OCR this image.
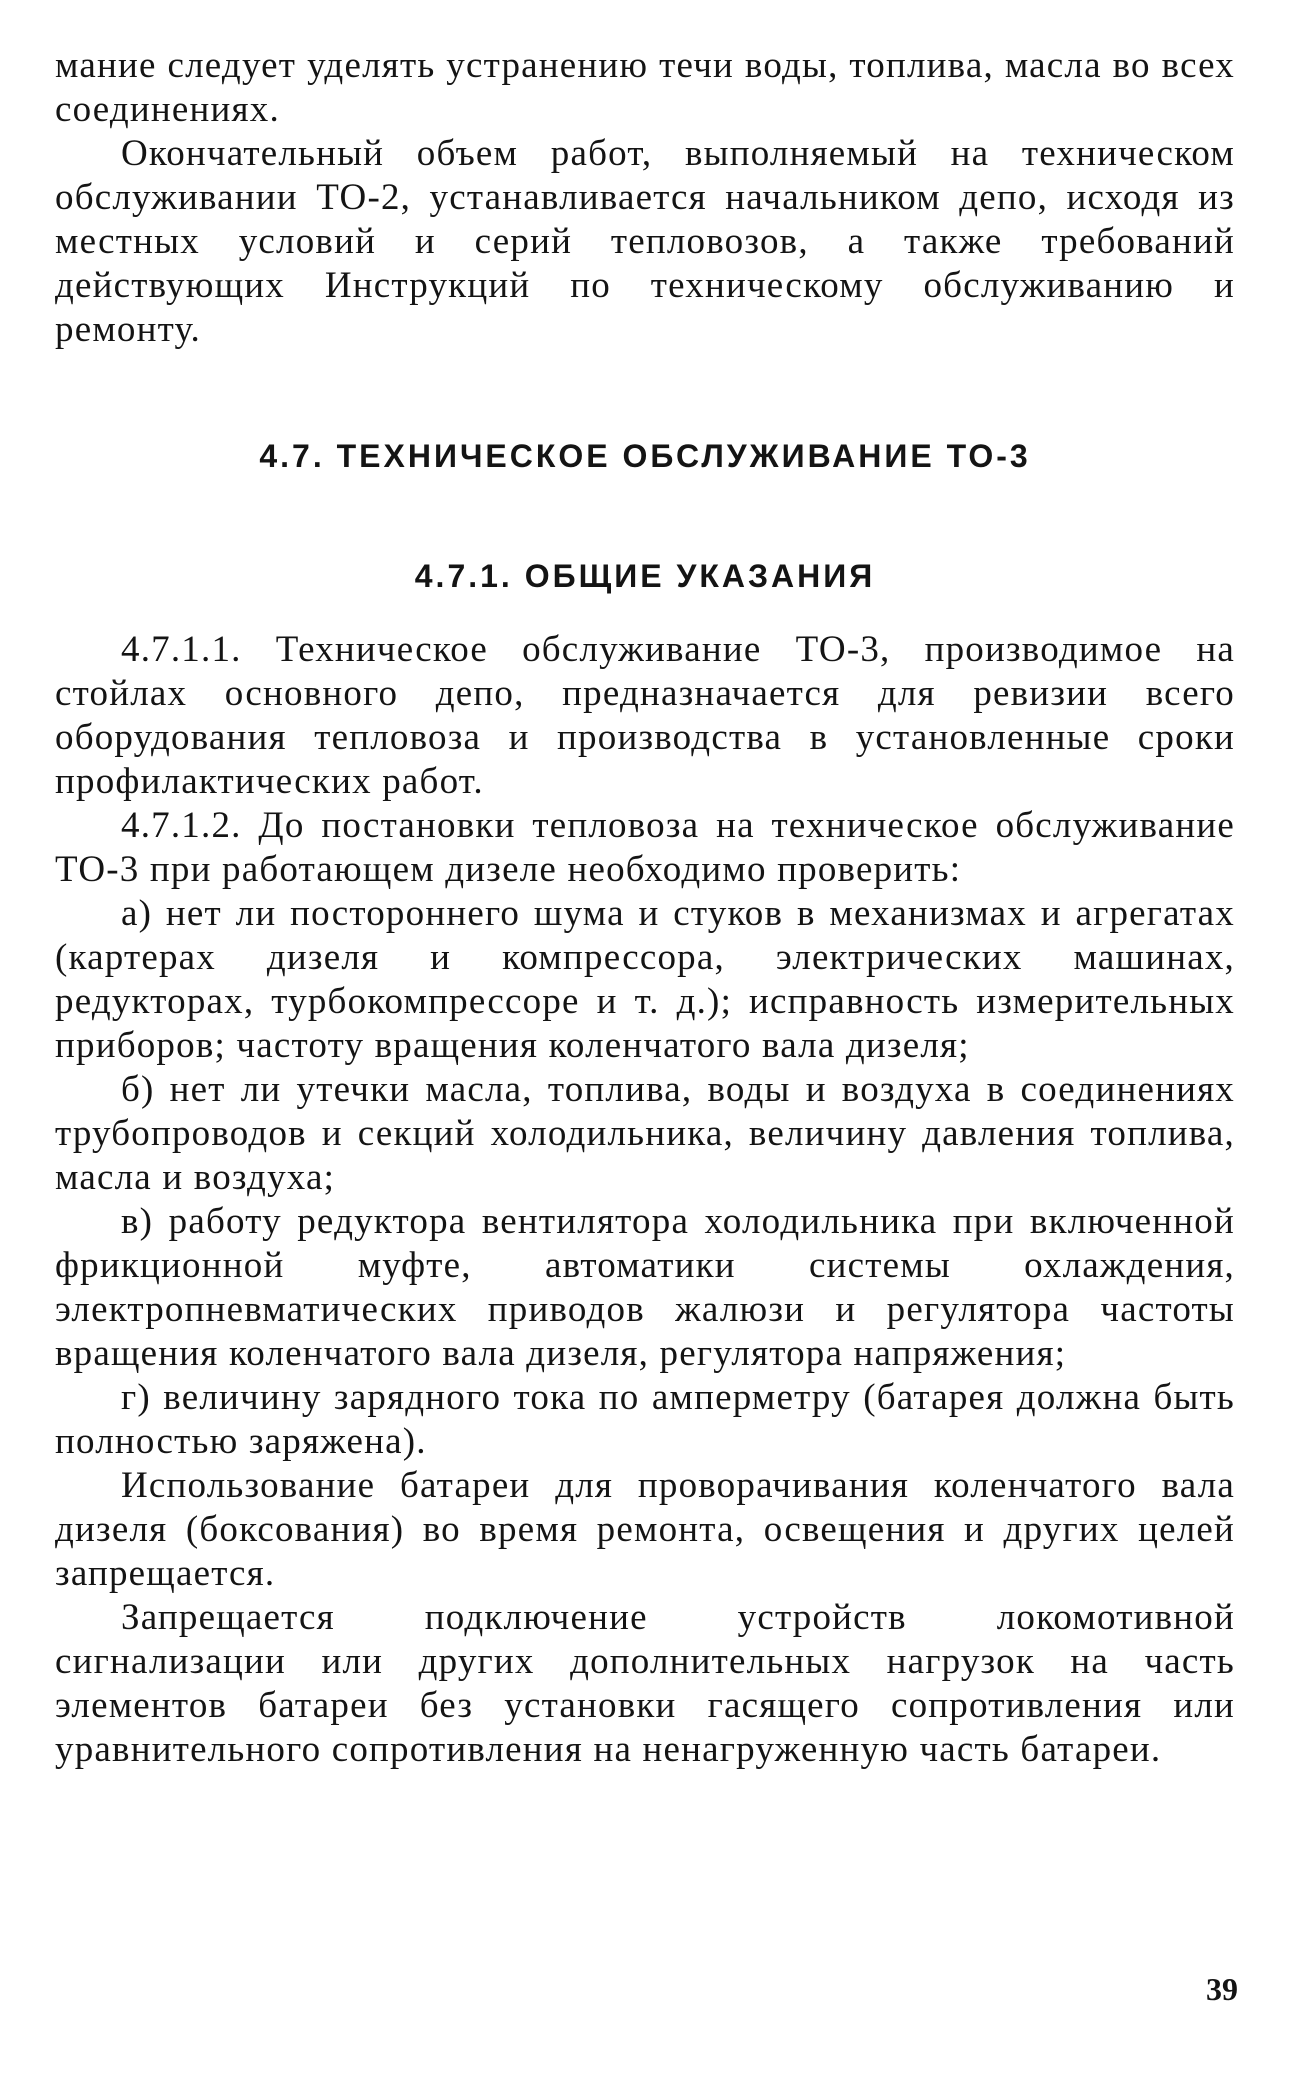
мание следует уделять устранению течи воды, топлива, масла во всех соединениях.

Окончательный объем работ, выполняемый на техническом обслуживании ТО-2, устанавливается начальником депо, исходя из местных условий и серий тепловозов, а также требований действующих Инструкций по техническому обслуживанию и ремонту.

4.7. ТЕХНИЧЕСКОЕ ОБСЛУЖИВАНИЕ ТО-3
4.7.1. ОБЩИЕ УКАЗАНИЯ

4.7.1.1. Техническое обслуживание ТО-3, производимое на стойлах основного депо, предназначается для ревизии всего оборудования тепловоза и производства в установленные сроки профилактических работ.

4.7.1.2. До постановки тепловоза на техническое обслуживание ТО-3 при работающем дизеле необходимо проверить:

а) нет ли постороннего шума и стуков в механизмах и агрегатах (картерах дизеля и компрессора, электрических машинах, редукторах, турбокомпрессоре и т. д.); исправность измерительных приборов; частоту вращения коленчатого вала дизеля;

б) нет ли утечки масла, топлива, воды и воздуха в соединениях трубопроводов и секций холодильника, величину давления топлива, масла и воздуха;

в) работу редуктора вентилятора холодильника при включенной фрикционной муфте, автоматики системы охлаждения, электропневматических приводов жалюзи и регулятора частоты вращения коленчатого вала дизеля, регулятора напряжения;

г) величину зарядного тока по амперметру (батарея должна быть полностью заряжена).

Использование батареи для проворачивания коленчатого вала дизеля (боксования) во время ремонта, освещения и других целей запрещается.

Запрещается подключение устройств локомотивной сигнализации или других дополнительных нагрузок на часть элементов батареи без установки гасящего сопротивления или уравнительного сопротивления на ненагруженную часть батареи.

39
